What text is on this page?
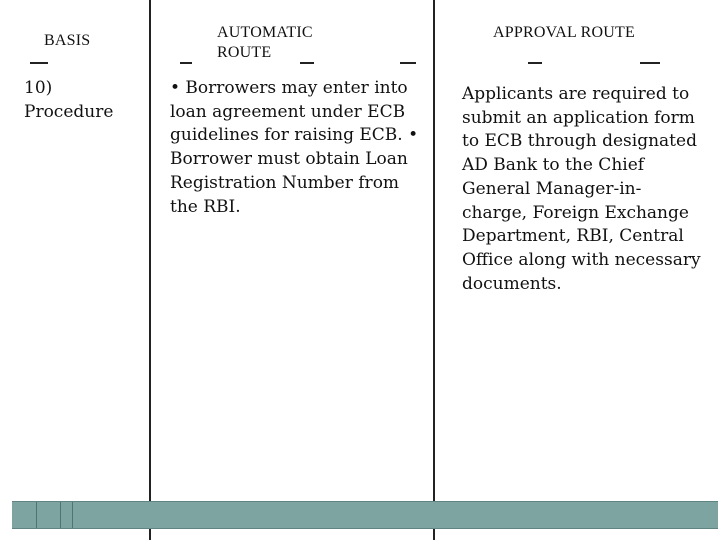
BASIS	AUTOMATIC ROUTE
APPROVAL ROUTE
10) Procedure
• Borrowers may enter into loan agreement under ECB guidelines for raising ECB. • Borrower must obtain Loan Registration Number from the RBI.
Applicants are required to submit an application form to ECB through designated AD Bank to the Chief General Manager-in-charge, Foreign Exchange Department, RBI, Central Office along with necessary documents.
